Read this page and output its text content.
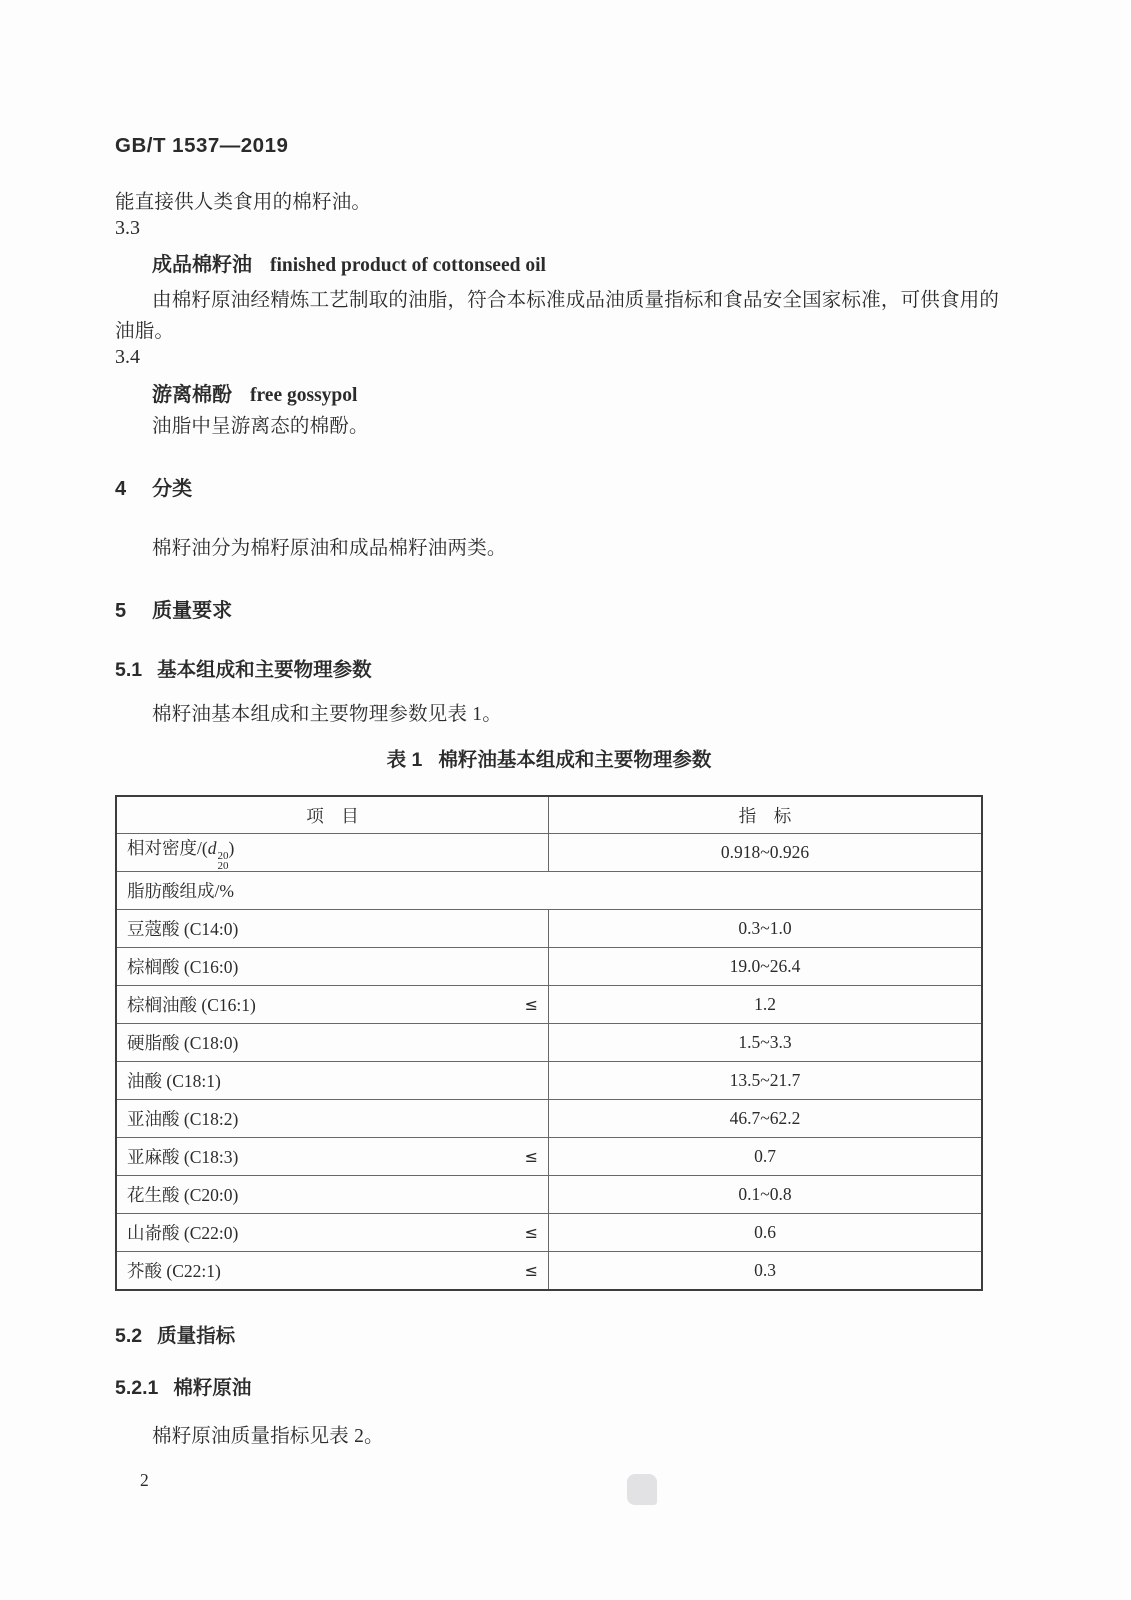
GB/T 1537—2019
能直接供人类食用的棉籽油。
3.3
成品棉籽油 finished product of cottonseed oil
由棉籽原油经精炼工艺制取的油脂，符合本标准成品油质量指标和食品安全国家标准，可供食用的
油脂。
3.4
游离棉酚 free gossypol
油脂中呈游离态的棉酚。
4 分类
棉籽油分为棉籽原油和成品棉籽油两类。
5 质量要求
5.1 基本组成和主要物理参数
棉籽油基本组成和主要物理参数见表 1。
表 1 棉籽油基本组成和主要物理参数
项　目	指　标
相对密度/(d 20
20
)	0.918~0.926
脂肪酸组成/%
豆蔻酸 (C14:0)	0.3~1.0
棕榈酸 (C16:0)	19.0~26.4
棕榈油酸 (C16:1)	≤	1.2
硬脂酸 (C18:0)	1.5~3.3
油酸 (C18:1)	13.5~21.7
亚油酸 (C18:2)	46.7~62.2
亚麻酸 (C18:3)	≤	0.7
花生酸 (C20:0)	0.1~0.8
山嵛酸 (C22:0)	≤	0.6
芥酸 (C22:1)	≤	0.3
5.2 质量指标
5.2.1 棉籽原油
棉籽原油质量指标见表 2。
2
